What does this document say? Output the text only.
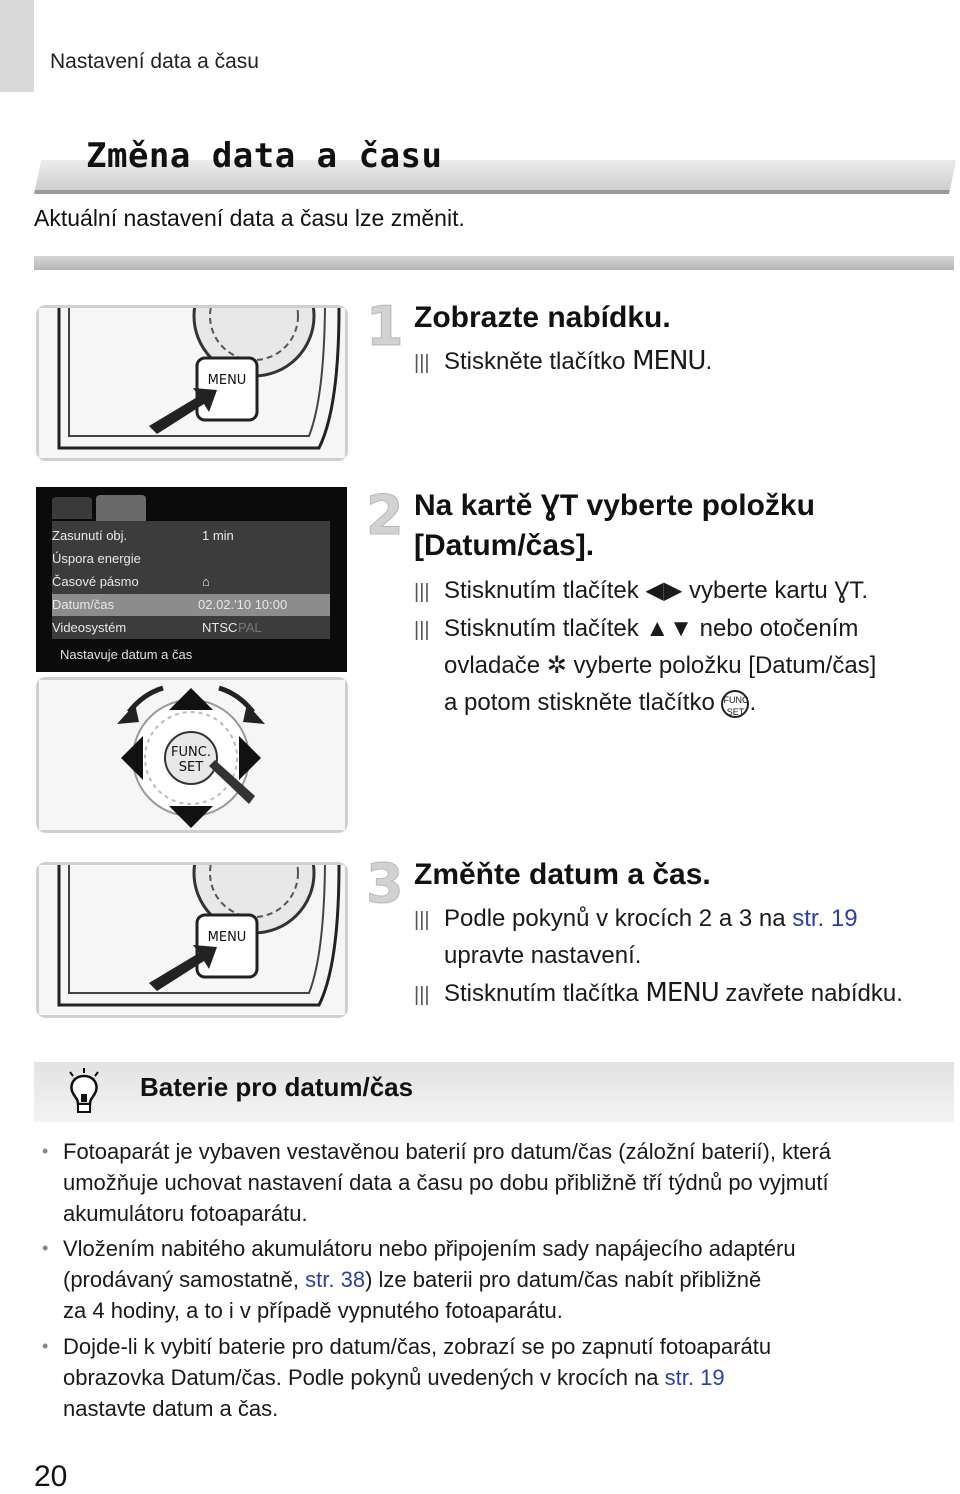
Nastavení data a času
Změna data a času
Aktuální nastavení data a času lze změnit.
MENU
1 Zobrazte nabídku.
||| Stiskněte tlačítko MENU.
Zasunutí obj.	1 min
Úspora energie
Časové pásmo	⌂
Datum/čas	02.02.'10 10:00
Videosystém	NTSC PAL
Nastavuje datum a čas
FUNC.
SET
2 Na kartě ƔT vyberte položku
[Datum/čas].
||| Stisknutím tlačítek ◀▶ vyberte kartu ƔT.
||| Stisknutím tlačítek ▲▼ nebo otočením
ovladače ✲ vyberte položku [Datum/čas]
a potom stiskněte tlačítko FUNC
SET .
MENU
3 Změňte datum a čas.
||| Podle pokynů v krocích 2 a 3 na str. 19
upravte nastavení.
||| Stisknutím tlačítka MENU zavřete nabídku.
Baterie pro datum/čas
• Fotoaparát je vybaven vestavěnou baterií pro datum/čas (záložní baterií), která
umožňuje uchovat nastavení data a času po dobu přibližně tří týdnů po vyjmutí
akumulátoru fotoaparátu.
• Vložením nabitého akumulátoru nebo připojením sady napájecího adaptéru
(prodávaný samostatně, str. 38) lze baterii pro datum/čas nabít přibližně
za 4 hodiny, a to i v případě vypnutého fotoaparátu.
• Dojde-li k vybití baterie pro datum/čas, zobrazí se po zapnutí fotoaparátu
obrazovka Datum/čas. Podle pokynů uvedených v krocích na str. 19
nastavte datum a čas.
20
